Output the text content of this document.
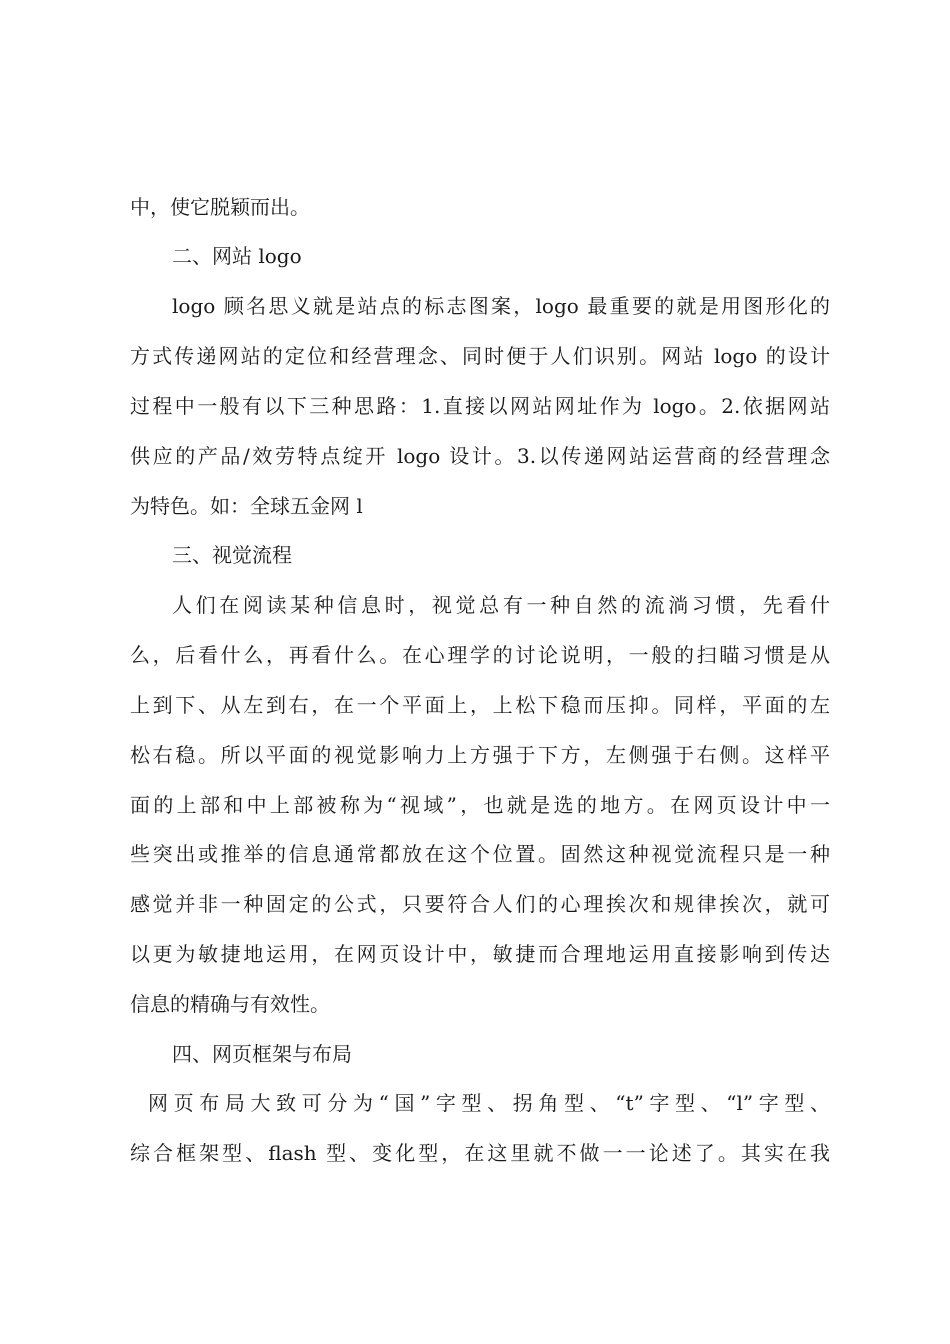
中，使它脱颖而出。
二、网站 logo
logo 顾名思义就是站点的标志图案，logo 最重要的就是用图形化的
方式传递网站的定位和经营理念、同时便于人们识别。网站 logo 的设计
过程中一般有以下三种思路：1.直接以网站网址作为 logo。2.依据网站
供应的产品/效劳特点绽开 logo 设计。3.以传递网站运营商的经营理念
为特色。如：全球五金网 l
三、视觉流程
人们在阅读某种信息时，视觉总有一种自然的流淌习惯，先看什
么，后看什么，再看什么。在心理学的讨论说明，一般的扫瞄习惯是从
上到下、从左到右，在一个平面上，上松下稳而压抑。同样，平面的左
松右稳。所以平面的视觉影响力上方强于下方，左侧强于右侧。这样平
面的上部和中上部被称为“视域”，也就是选的地方。在网页设计中一
些突出或推举的信息通常都放在这个位置。固然这种视觉流程只是一种
感觉并非一种固定的公式，只要符合人们的心理挨次和规律挨次，就可
以更为敏捷地运用，在网页设计中，敏捷而合理地运用直接影响到传达
信息的精确与有效性。
四、网页框架与布局
网页布局大致可分为“国”字型、拐角型、“t”字型、“l”字型、
综合框架型、flash 型、变化型，在这里就不做一一论述了。其实在我
